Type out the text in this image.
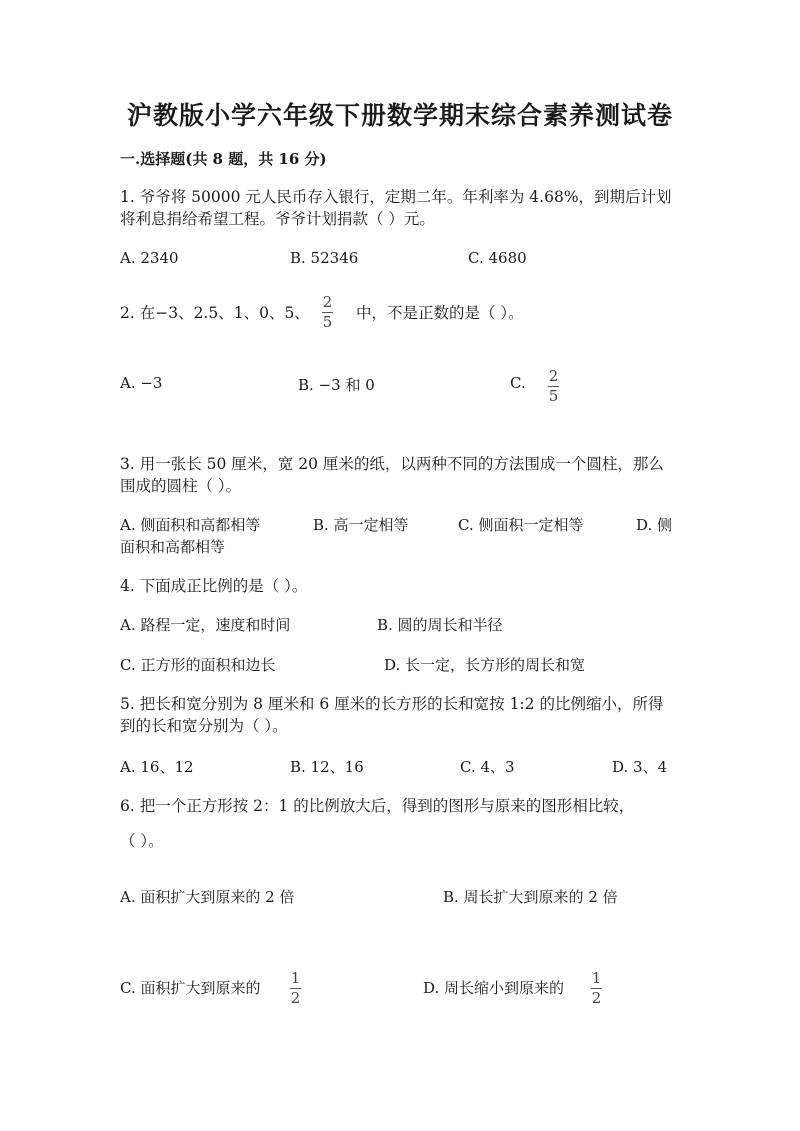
沪教版小学六年级下册数学期末综合素养测试卷
一.选择题(共 8 题，共 16 分)
1. 爷爷将 50000 元人民币存入银行，定期二年。年利率为 4.68%，到期后计划
将利息捐给希望工程。爷爷计划捐款（ ）元。
A. 2340	B. 52346	C. 4680
2. 在−3、2.5、1、0、5、
2
5 中，不是正数的是（ ）。
A. −3	B. −3 和 0	C. 2
5
3. 用一张长 50 厘米，宽 20 厘米的纸，以两种不同的方法围成一个圆柱，那么
围成的圆柱（ ）。
A. 侧面积和高都相等	B. 高一定相等	C. 侧面积一定相等	D. 侧
面积和高都相等
4. 下面成正比例的是（ ）。
A. 路程一定，速度和时间	B. 圆的周长和半径
C. 正方形的面积和边长	D. 长一定，长方形的周长和宽
5. 把长和宽分别为 8 厘米和 6 厘米的长方形的长和宽按 1:2 的比例缩小，所得
到的长和宽分别为（ ）。
A. 16、12	B. 12、16	C. 4、3	D. 3、4
6. 把一个正方形按 2：1 的比例放大后，得到的图形与原来的图形相比较，
（ ）。
A. 面积扩大到原来的 2 倍	B. 周长扩大到原来的 2 倍
C. 面积扩大到原来的
1
2
D. 周长缩小到原来的
1
2
